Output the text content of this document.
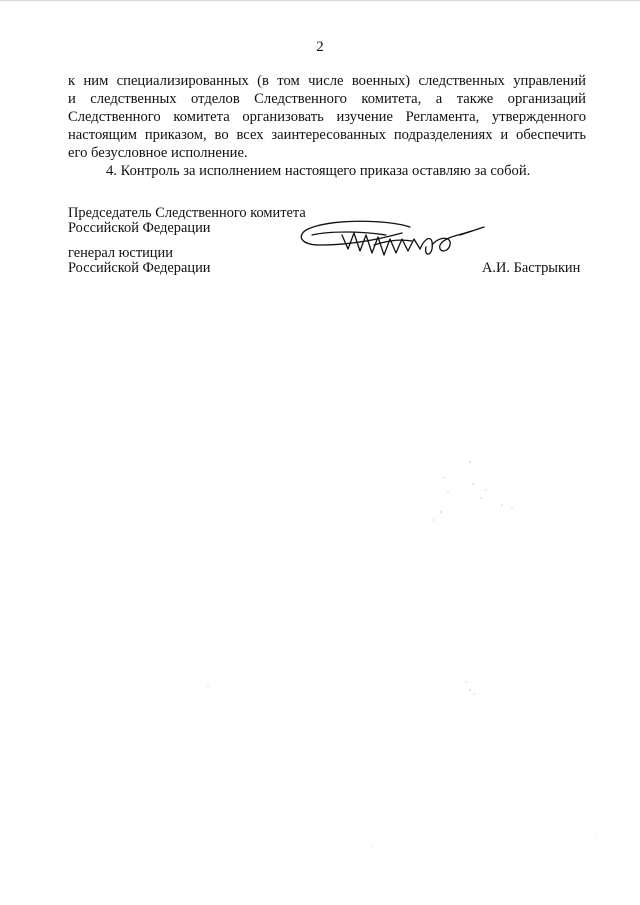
2

к ним специализированных (в том числе военных) следственных управлений

и следственных отделов Следственного комитета, а также организаций

Следственного комитета организовать изучение Регламента, утвержденного

настоящим приказом, во всех заинтересованных подразделениях и обеспечить

его безусловное исполнение.

4. Контроль за исполнением настоящего приказа оставляю за собой.

Председатель Следственного комитета
Российской Федерации
генерал юстиции
Российской Федерации	А.И. Бастрыкин
